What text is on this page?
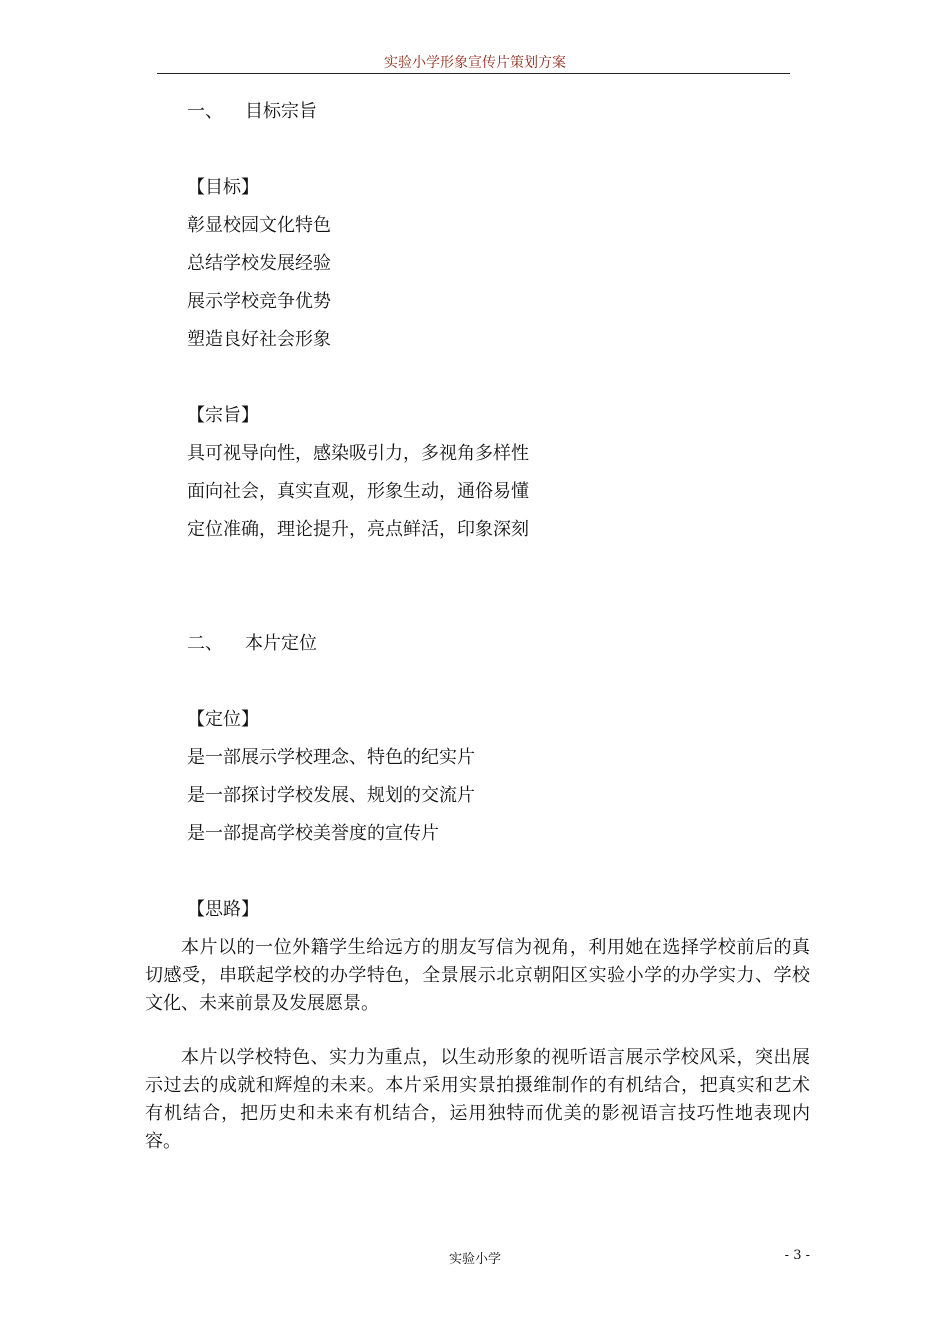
实验小学形象宣传片策划方案
一、 目标宗旨
【目标】
彰显校园文化特色
总结学校发展经验
展示学校竞争优势
塑造良好社会形象
【宗旨】
具可视导向性，感染吸引力，多视角多样性
面向社会，真实直观，形象生动，通俗易懂
定位准确，理论提升，亮点鲜活，印象深刻
二、 本片定位
【定位】
是一部展示学校理念、特色的纪实片
是一部探讨学校发展、规划的交流片
是一部提高学校美誉度的宣传片
【思路】
本片以的一位外籍学生给远方的朋友写信为视角，利用她在选择学校前后的真切感受，串联起学校的办学特色，全景展示北京朝阳区实验小学的办学实力、学校文化、未来前景及发展愿景。
本片以学校特色、实力为重点，以生动形象的视听语言展示学校风采，突出展示过去的成就和辉煌的未来。本片采用实景拍摄维制作的有机结合，把真实和艺术有机结合，把历史和未来有机结合，运用独特而优美的影视语言技巧性地表现内容。
实验小学	- 3 -
